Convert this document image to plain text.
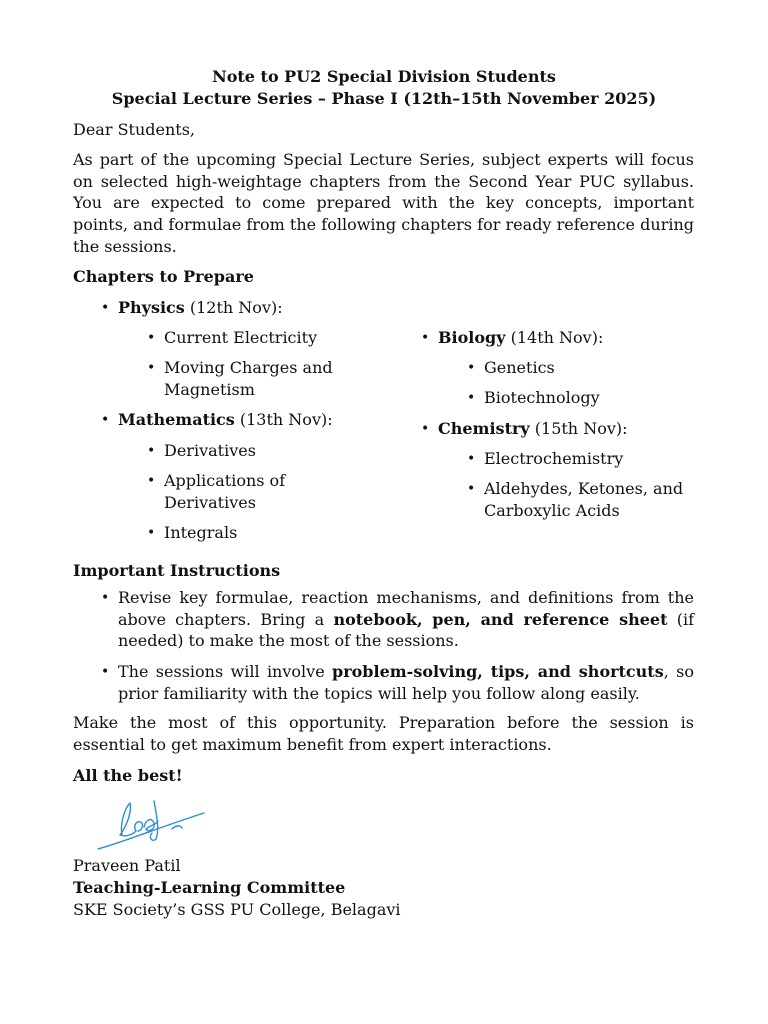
Note to PU2 Special Division Students
Special Lecture Series – Phase I (12th–15th November 2025)
Dear Students,

As part of the upcoming Special Lecture Series, subject experts will focus on selected high-weightage chapters from the Second Year PUC syllabus. You are expected to come prepared with the key concepts, important points, and formulae from the following chapters for ready reference during the sessions.

Chapters to Prepare
• Physics (12th Nov):
• Current Electricity
• Moving Charges and
Magnetism
• Mathematics (13th Nov):
• Derivatives
• Applications of
Derivatives
• Integrals
• Biology (14th Nov):
• Genetics
• Biotechnology
• Chemistry (15th Nov):
• Electrochemistry
• Aldehydes, Ketones, and
Carboxylic Acids
Important Instructions
• Revise key formulae, reaction mechanisms, and definitions from the above chapters. Bring a notebook, pen, and reference sheet (if needed) to make the most of the sessions.

• The sessions will involve problem-solving, tips, and shortcuts, so prior familiarity with the topics will help you follow along easily.

Make the most of this opportunity. Preparation before the session is essential to get maximum benefit from expert interactions.

All the best!
Praveen Patil
Teaching-Learning Committee
SKE Society’s GSS PU College, Belagavi
